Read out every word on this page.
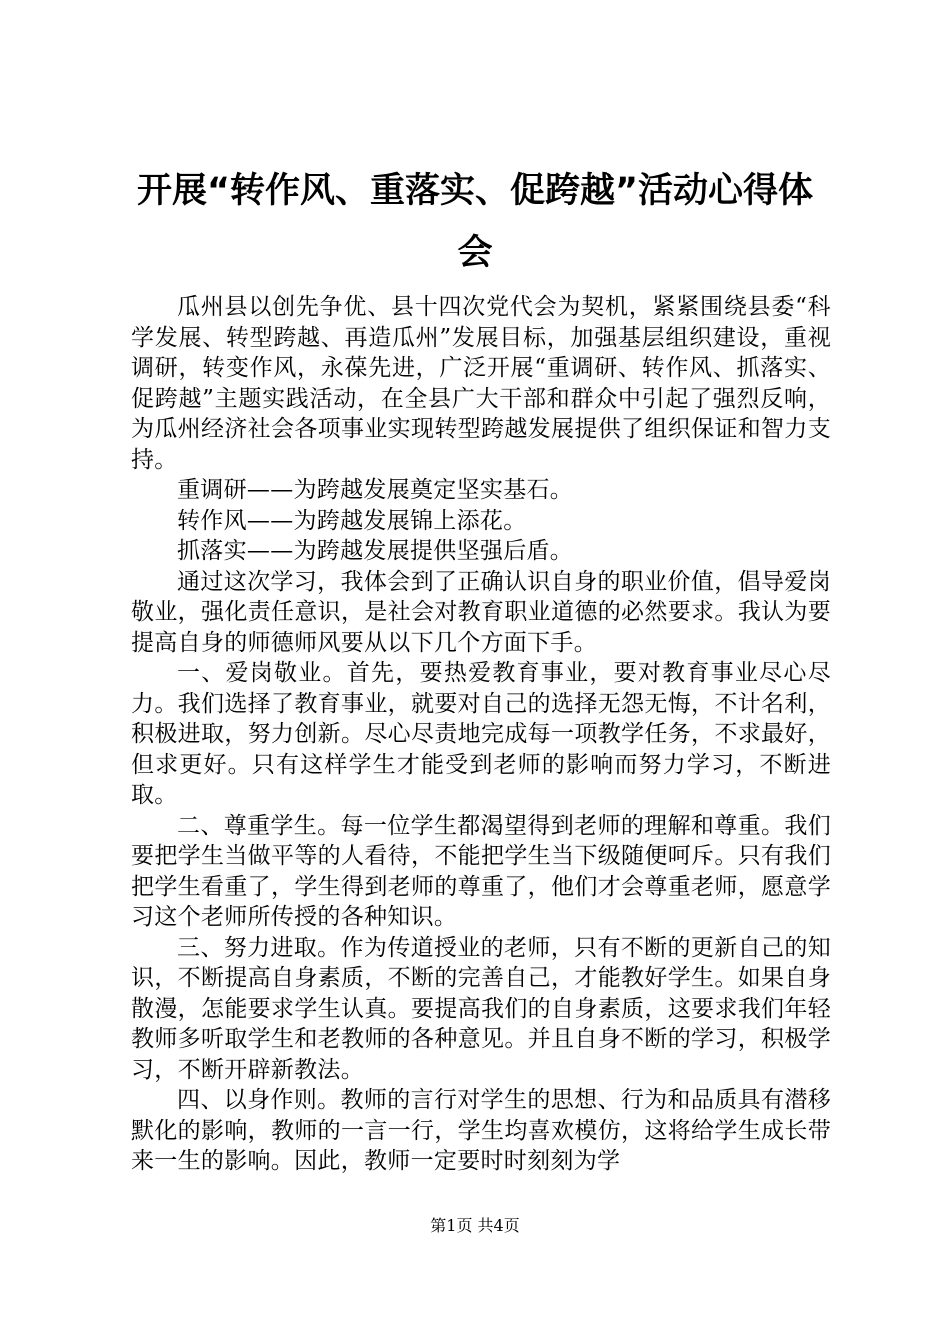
开展“转作风、重落实、促跨越”活动心得体会

瓜州县以创先争优、县十四次党代会为契机，紧紧围绕县委“科学发展、转型跨越、再造瓜州”发展目标，加强基层组织建设，重视调研，转变作风，永葆先进，广泛开展“重调研、转作风、抓落实、促跨越”主题实践活动，在全县广大干部和群众中引起了强烈反响，为瓜州经济社会各项事业实现转型跨越发展提供了组织保证和智力支持。

重调研——为跨越发展奠定坚实基石。

转作风——为跨越发展锦上添花。

抓落实——为跨越发展提供坚强后盾。

通过这次学习，我体会到了正确认识自身的职业价值，倡导爱岗敬业，强化责任意识，是社会对教育职业道德的必然要求。我认为要提高自身的师德师风要从以下几个方面下手。

一、爱岗敬业。首先，要热爱教育事业，要对教育事业尽心尽力。我们选择了教育事业，就要对自己的选择无怨无悔，不计名利，积极进取，努力创新。尽心尽责地完成每一项教学任务，不求最好，但求更好。只有这样学生才能受到老师的影响而努力学习，不断进取。

二、尊重学生。每一位学生都渴望得到老师的理解和尊重。我们要把学生当做平等的人看待，不能把学生当下级随便呵斥。只有我们把学生看重了，学生得到老师的尊重了，他们才会尊重老师，愿意学习这个老师所传授的各种知识。

三、努力进取。作为传道授业的老师，只有不断的更新自己的知识，不断提高自身素质，不断的完善自己，才能教好学生。如果自身散漫，怎能要求学生认真。要提高我们的自身素质，这要求我们年轻教师多听取学生和老教师的各种意见。并且自身不断的学习，积极学习，不断开辟新教法。

四、以身作则。教师的言行对学生的思想、行为和品质具有潜移默化的影响，教师的一言一行，学生均喜欢模仿，这将给学生成长带来一生的影响。因此，教师一定要时时刻刻为学

第1页 共4页
